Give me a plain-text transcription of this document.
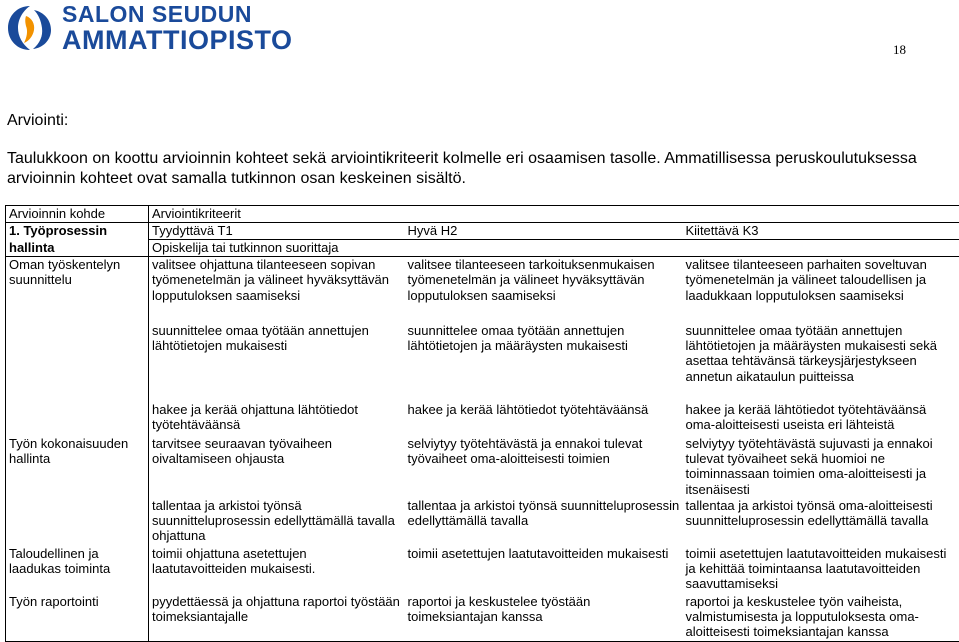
SALON SEUDUN
AMMATTIOPISTO	18
Arviointi:
Taulukkoon on koottu arvioinnin kohteet sekä arviointikriteerit kolmelle eri osaamisen tasolle. Ammatillisessa peruskoulutuksessa arvioinnin kohteet ovat samalla tutkinnon osan keskeinen sisältö.
Arvioinnin kohde	Arviointikriteerit		
1. Työprosessin	Tyydyttävä T1	Hyvä H2	Kiitettävä K3
hallinta	Opiskelija tai tutkinnon suorittaja		
Oman työskentelyn suunnittelu	valitsee ohjattuna tilanteeseen sopivan työmenetelmän ja välineet hyväksyttävän lopputuloksen saamiseksi	valitsee tilanteeseen tarkoituksenmukaisen työmenetelmän ja välineet hyväksyttävän lopputuloksen saamiseksi	valitsee tilanteeseen parhaiten soveltuvan työmenetelmän ja välineet taloudellisen ja laadukkaan lopputuloksen saamiseksi
	suunnittelee omaa työtään annettujen lähtötietojen mukaisesti	suunnittelee omaa työtään annettujen lähtötietojen ja määräysten mukaisesti	suunnittelee omaa työtään annettujen lähtötietojen ja määräysten mukaisesti sekä asettaa tehtävänsä tärkeysjärjestykseen annetun aikataulun puitteissa
	hakee ja kerää ohjattuna lähtötiedot työtehtäväänsä	hakee ja kerää lähtötiedot työtehtäväänsä	hakee ja kerää lähtötiedot työtehtäväänsä oma-aloitteisesti useista eri lähteistä
Työn kokonaisuuden hallinta	tarvitsee seuraavan työvaiheen oivaltamiseen ohjausta	selviytyy työtehtävästä ja ennakoi tulevat työvaiheet oma-aloitteisesti toimien	selviytyy työtehtävästä sujuvasti ja ennakoi tulevat työvaiheet sekä huomioi ne toiminnassaan toimien oma-aloitteisesti ja itsenäisesti
	tallentaa ja arkistoi työnsä suunnitteluprosessin edellyttämällä tavalla ohjattuna	tallentaa ja arkistoi työnsä suunnitteluprosessin edellyttämällä tavalla	tallentaa ja arkistoi työnsä oma-aloitteisesti suunnitteluprosessin edellyttämällä tavalla
Taloudellinen ja laadukas toiminta	toimii ohjattuna asetettujen laatutavoitteiden mukaisesti.	toimii asetettujen laatutavoitteiden mukaisesti	toimii asetettujen laatutavoitteiden mukaisesti ja kehittää toimintaansa laatutavoitteiden saavuttamiseksi
Työn raportointi	pyydettäessä ja ohjattuna raportoi työstään toimeksiantajalle	raportoi ja keskustelee työstään toimeksiantajan kanssa	raportoi ja keskustelee työn vaiheista, valmistumisesta ja lopputuloksesta oma-aloitteisesti toimeksiantajan kanssa
